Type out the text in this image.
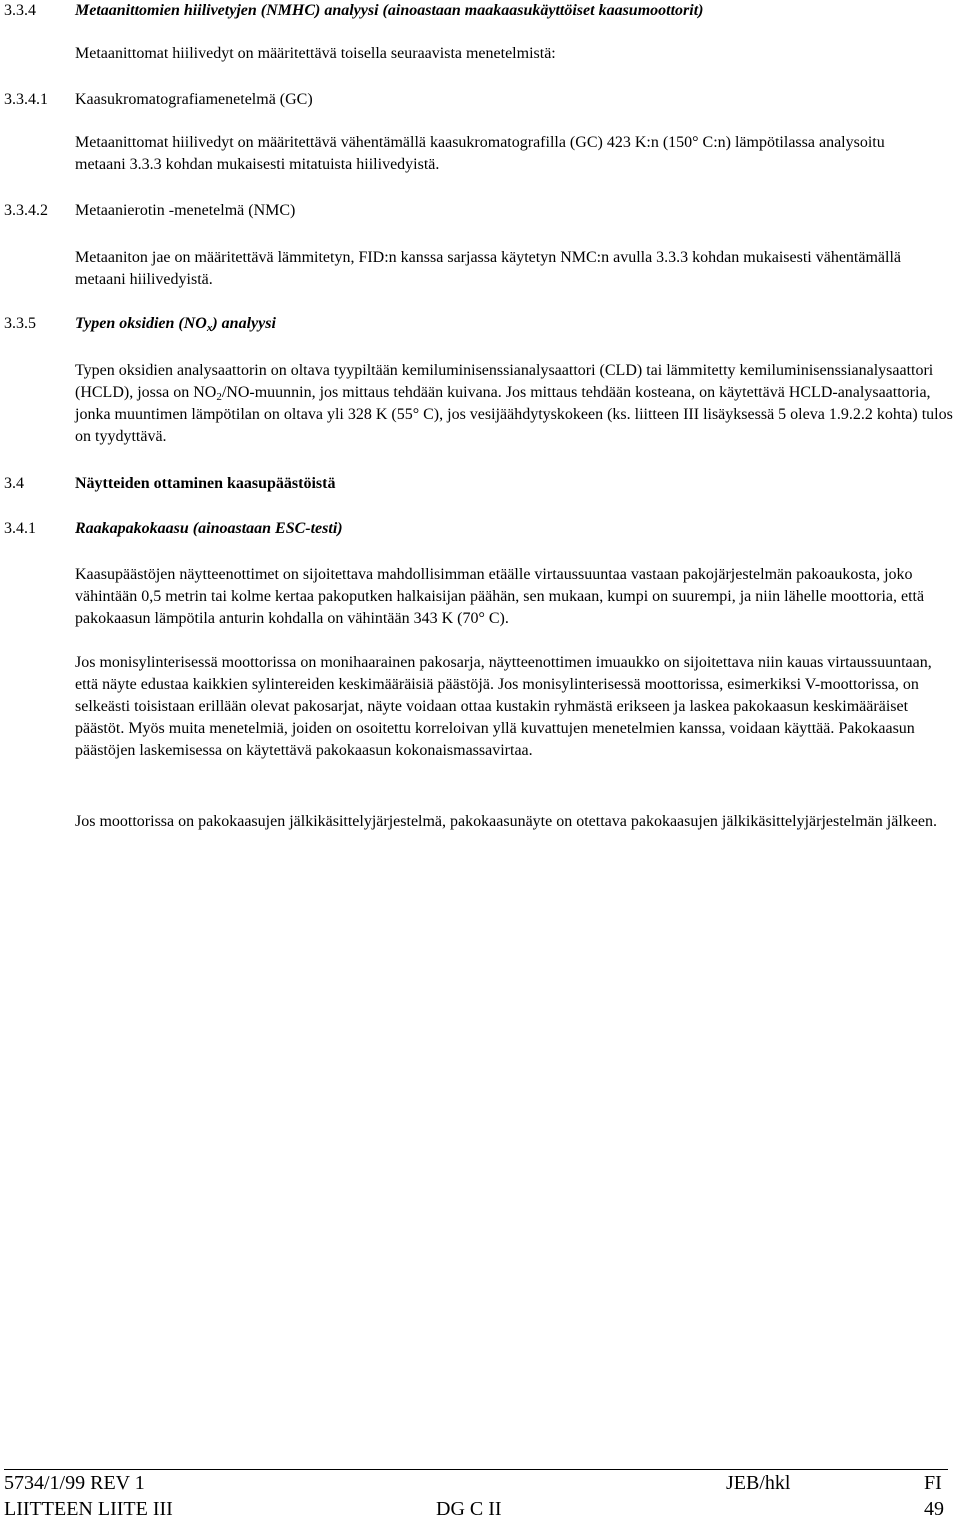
3.3.4 Metaanittomien hiilivetyjen (NMHC) analyysi (ainoastaan maakaasukäyttöiset kaasumoottorit)
Metaanittomat hiilivedyt on määritettävä toisella seuraavista menetelmistä:
3.3.4.1 Kaasukromatografiamenetelmä (GC)

Metaanittomat hiilivedyt on määritettävä vähentämällä kaasukromatografilla (GC) 423 K:n (150° C:n) lämpötilassa analysoitu metaani 3.3.3 kohdan mukaisesti mitatuista hiilivedyistä.

3.3.4.2 Metaanierotin -menetelmä (NMC)

Metaaniton jae on määritettävä lämmitetyn, FID:n kanssa sarjassa käytetyn NMC:n avulla 3.3.3 kohdan mukaisesti vähentämällä metaani hiilivedyistä.

3.3.5 Typen oksidien $(NO_x)$ analyysi

Typen oksidien analysaattorin on oltava tyypiltään kemiluminisenssianalysaattori (CLD) tai lämmitetty kemiluminisenssianalysaattori (HCLD), jossa on $NO_2/NO$-muunnin, jos mittaus tehdään kuivana. Jos mittaus tehdään kosteana, on käytettävä HCLD-analysaattoria, jonka muuntimen lämpötilan on oltava yli 328 K (55° C), jos vesijäähdytyskokeen (ks. liitteen III lisäyksessä 5 oleva 1.9.2.2 kohta) tulos on tyydyttävä.

3.4	Näytteiden ottaminen kaasupäästöistä
3.4.1 Raakapakokaasu (ainoastaan ESC-testi)

Kaasupäästöjen näytteenottimet on sijoitettava mahdollisimman etäälle virtaussuuntaa vastaan pakojärjestelmän pakoaukosta, joko vähintään 0,5 metrin tai kolme kertaa pakoputken halkaisijan päähän, sen mukaan, kumpi on suurempi, ja niin lähelle moottoria, että pakokaasun lämpötila anturin kohdalla on vähintään 343 K (70° C).

Jos monisylinterisessä moottorissa on monihaarainen pakosarja, näytteenottimen imuaukko on sijoitettava niin kauas virtaussuuntaan, että näyte edustaa kaikkien sylintereiden keskimääräisiä päästöjä. Jos monisylinterisessä moottorissa, esimerkiksi V-moottorissa, on selkeästi toisistaan erillään olevat pakosarjat, näyte voidaan ottaa kustakin ryhmästä erikseen ja laskea pakokaasun keskimääräiset päästöt. Myös muita menetelmiä, joiden on osoitettu korreloivan yllä kuvattujen menetelmien kanssa, voidaan käyttää. Pakokaasun päästöjen laskemisessa on käytettävä pakokaasun kokonaismassavirtaa.

Jos moottorissa on pakokaasujen jälkikäsittelyjärjestelmä, pakokaasunäyte on otettava pakokaasujen jälkikäsittelyjärjestelmän jälkeen.

5734/1/99 REV 1	JEB/hkl	FI
LIITTEEN LIITE III	DG C II	49
